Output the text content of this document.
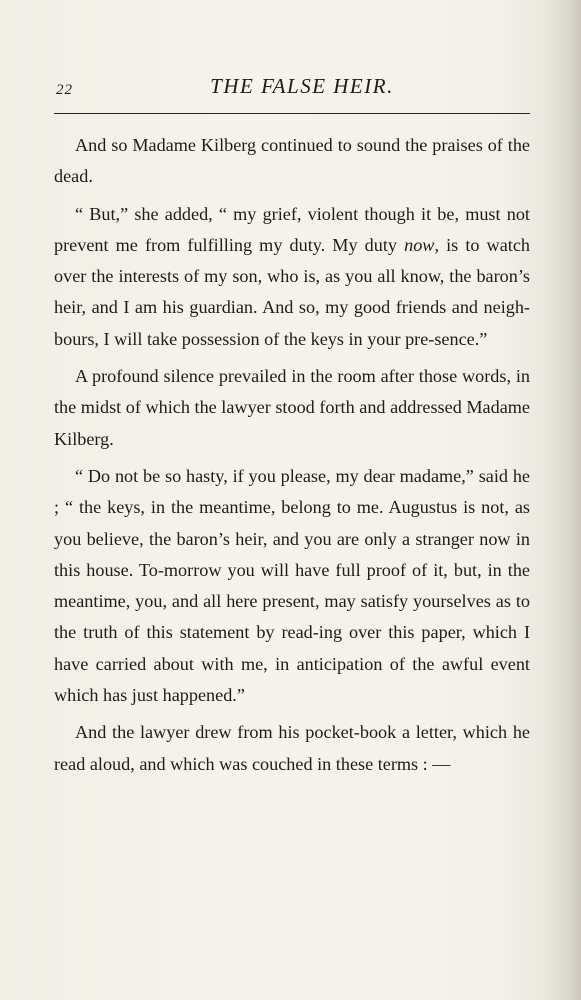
22	THE FALSE HEIR.

And so Madame Kilberg continued to sound the praises of the dead.

“ But,” she added, “ my grief, violent though it be, must not prevent me from fulfilling my duty. My duty now, is to watch over the interests of my son, who is, as you all know, the baron’s heir, and I am his guardian. And so, my good friends and neigh-bours, I will take possession of the keys in your pre-sence.”

A profound silence prevailed in the room after those words, in the midst of which the lawyer stood forth and addressed Madame Kilberg.

“ Do not be so hasty, if you please, my dear madame,” said he ; “ the keys, in the meantime, belong to me. Augustus is not, as you believe, the baron’s heir, and you are only a stranger now in this house. To-morrow you will have full proof of it, but, in the meantime, you, and all here present, may satisfy yourselves as to the truth of this statement by read-ing over this paper, which I have carried about with me, in anticipation of the awful event which has just happened.”

And the lawyer drew from his pocket-book a letter, which he read aloud, and which was couched in these terms : —
